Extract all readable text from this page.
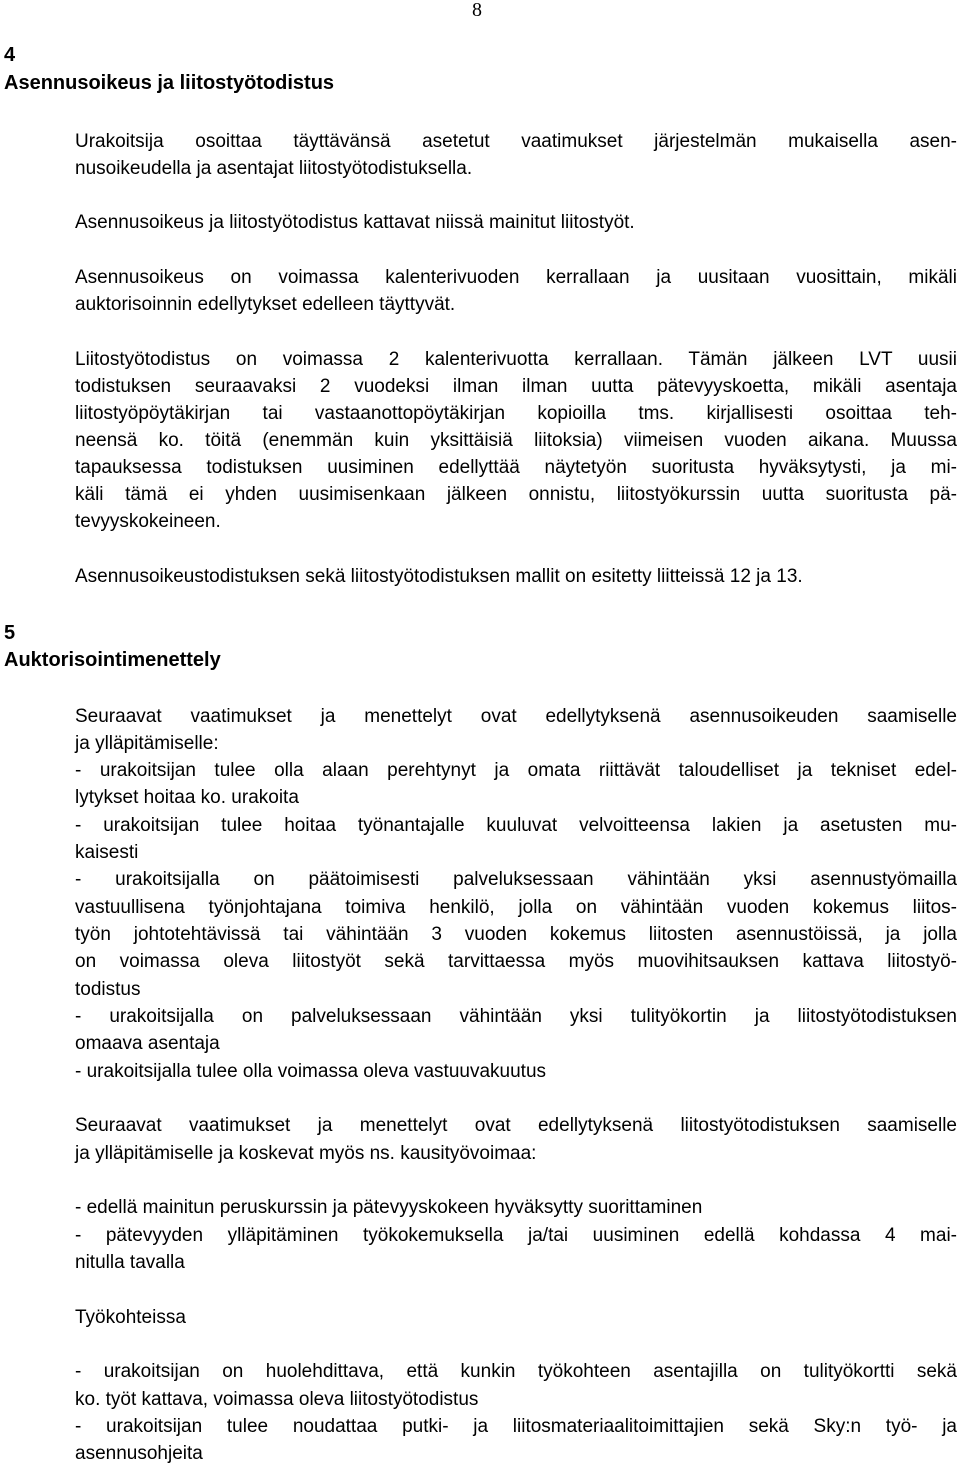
8
4
Asennusoikeus ja liitostyötodistus
Urakoitsija osoittaa täyttävänsä asetetut vaatimukset järjestelmän mukaisella asen-
nusoikeudella ja asentajat liitostyötodistuksella.
Asennusoikeus ja liitostyötodistus kattavat niissä mainitut liitostyöt.
Asennusoikeus on voimassa kalenterivuoden kerrallaan ja uusitaan vuosittain, mikäli
auktorisoinnin edellytykset edelleen täyttyvät.
Liitostyötodistus on voimassa 2 kalenterivuotta kerrallaan. Tämän jälkeen LVT uusii
todistuksen seuraavaksi 2 vuodeksi ilman ilman uutta pätevyyskoetta, mikäli asentaja
liitostyöpöytäkirjan tai vastaanottopöytäkirjan kopioilla tms. kirjallisesti osoittaa teh-
neensä ko. töitä (enemmän kuin yksittäisiä liitoksia) viimeisen vuoden aikana. Muussa
tapauksessa todistuksen uusiminen edellyttää näytetyön suoritusta hyväksytysti, ja mi-
käli tämä ei yhden uusimisenkaan jälkeen onnistu, liitostyökurssin uutta suoritusta pä-
tevyyskokeineen.
Asennusoikeustodistuksen sekä liitostyötodistuksen mallit on esitetty liitteissä 12 ja 13.
5
Auktorisointimenettely
Seuraavat vaatimukset ja menettelyt ovat edellytyksenä asennusoikeuden saamiselle
ja ylläpitämiselle:
- urakoitsijan tulee olla alaan perehtynyt ja omata riittävät taloudelliset ja tekniset edel-
lytykset hoitaa ko. urakoita
- urakoitsijan tulee hoitaa työnantajalle kuuluvat velvoitteensa lakien ja asetusten mu-
kaisesti
- urakoitsijalla on päätoimisesti palveluksessaan vähintään yksi asennustyömailla
vastuullisena työnjohtajana toimiva henkilö, jolla on vähintään vuoden kokemus liitos-
työn johtotehtävissä tai vähintään 3 vuoden kokemus liitosten asennustöissä, ja jolla
on voimassa oleva liitostyöt sekä tarvittaessa myös muovihitsauksen kattava liitostyö-
todistus
- urakoitsijalla on palveluksessaan vähintään yksi tulityökortin ja liitostyötodistuksen
omaava asentaja
- urakoitsijalla tulee olla voimassa oleva vastuuvakuutus
Seuraavat vaatimukset ja menettelyt ovat edellytyksenä liitostyötodistuksen saamiselle
ja ylläpitämiselle ja koskevat myös ns. kausityövoimaa:
- edellä mainitun peruskurssin ja pätevyyskokeen hyväksytty suorittaminen
- pätevyyden ylläpitäminen työkokemuksella ja/tai uusiminen edellä kohdassa 4 mai-
nitulla tavalla
Työkohteissa
- urakoitsijan on huolehdittava, että kunkin työkohteen asentajilla on tulityökortti sekä
ko. työt kattava, voimassa oleva liitostyötodistus
- urakoitsijan tulee noudattaa putki- ja liitosmateriaalitoimittajien sekä Sky:n työ- ja
asennusohjeita
